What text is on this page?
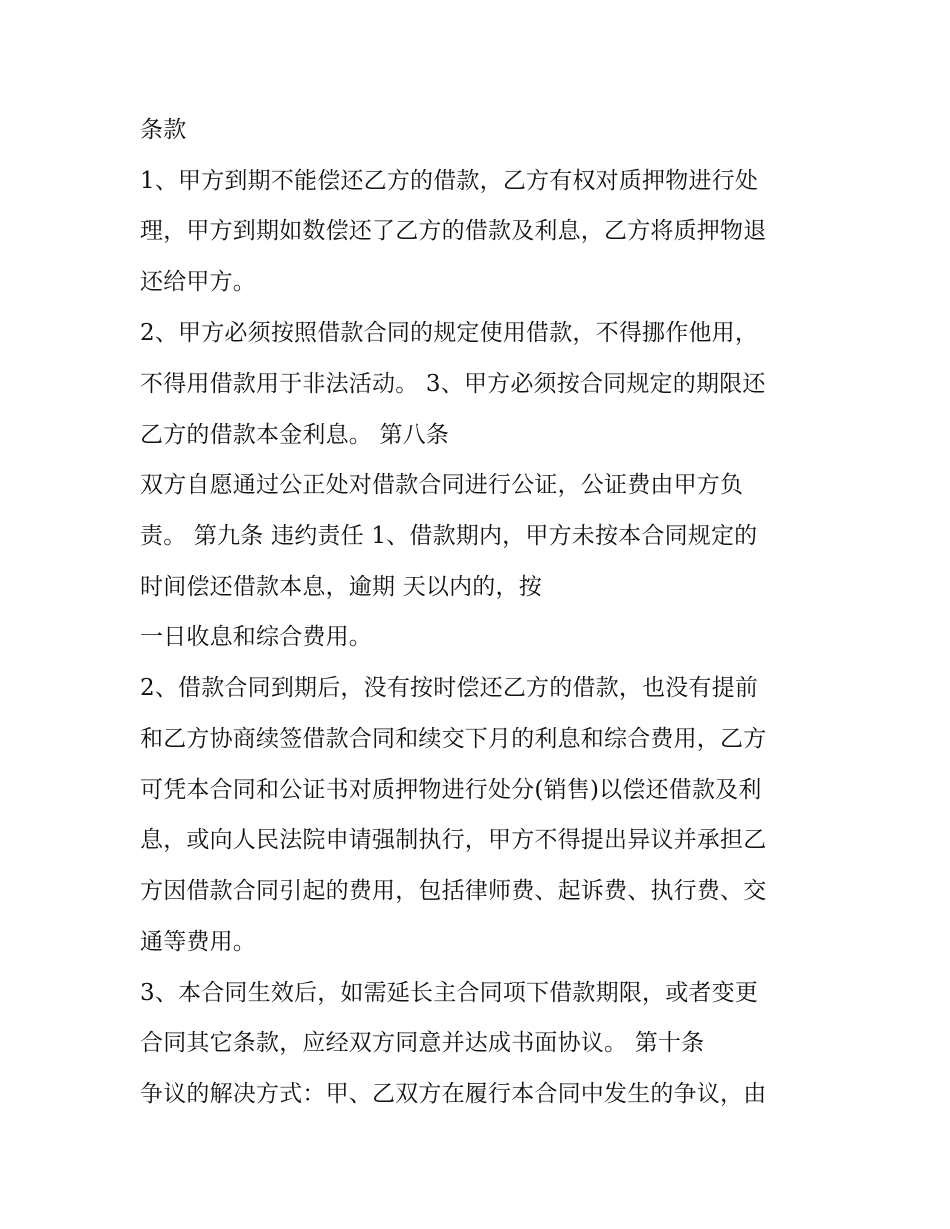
条款
1、甲方到期不能偿还乙方的借款，乙方有权对质押物进行处
理，甲方到期如数偿还了乙方的借款及利息，乙方将质押物退
还给甲方。
2、甲方必须按照借款合同的规定使用借款，不得挪作他用，
不得用借款用于非法活动。 3、甲方必须按合同规定的期限还
乙方的借款本金利息。 第八条
双方自愿通过公正处对借款合同进行公证，公证费由甲方负
责。 第九条 违约责任 1、借款期内，甲方未按本合同规定的
时间偿还借款本息，逾期 天以内的，按
一日收息和综合费用。
2、借款合同到期后，没有按时偿还乙方的借款，也没有提前
和乙方协商续签借款合同和续交下月的利息和综合费用，乙方
可凭本合同和公证书对质押物进行处分(销售)以偿还借款及利
息，或向人民法院申请强制执行，甲方不得提出异议并承担乙
方因借款合同引起的费用，包括律师费、起诉费、执行费、交
通等费用。
3、本合同生效后，如需延长主合同项下借款期限，或者变更
合同其它条款，应经双方同意并达成书面协议。 第十条
争议的解决方式：甲、乙双方在履行本合同中发生的争议，由
